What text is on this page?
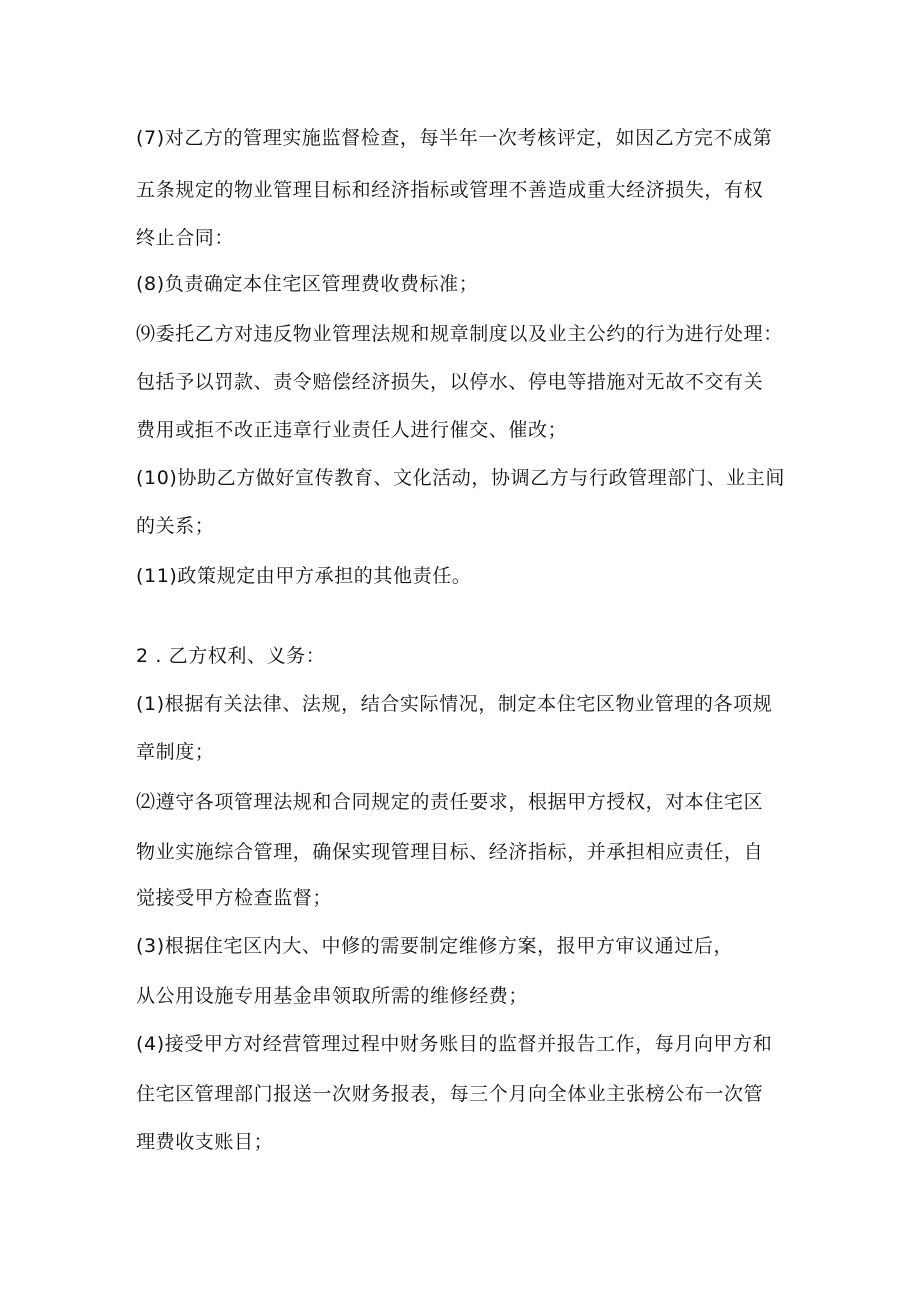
(7)对乙方的管理实施监督检查，每半年一次考核评定，如因乙方完不成第
五条规定的物业管理目标和经济指标或管理不善造成重大经济损失，有权
终止合同：
(8)负责确定本住宅区管理费收费标准；
⑼委托乙方对违反物业管理法规和规章制度以及业主公约的行为进行处理：
包括予以罚款、责令赔偿经济损失，以停水、停电等措施对无故不交有关
费用或拒不改正违章行业责任人进行催交、催改；
(10)协助乙方做好宣传教育、文化活动，协调乙方与行政管理部门、业主间
的关系；
(11)政策规定由甲方承担的其他责任。
2 . 乙方权利、义务：
(1)根据有关法律、法规，结合实际情况，制定本住宅区物业管理的各项规
章制度；
⑵遵守各项管理法规和合同规定的责任要求，根据甲方授权，对本住宅区
物业实施综合管理，确保实现管理目标、经济指标，并承担相应责任，自
觉接受甲方检查监督；
(3)根据住宅区内大、中修的需要制定维修方案，报甲方审议通过后，
从公用设施专用基金串领取所需的维修经费；
(4)接受甲方对经营管理过程中财务账目的监督并报告工作，每月向甲方和
住宅区管理部门报送一次财务报表，每三个月向全体业主张榜公布一次管
理费收支账目；
